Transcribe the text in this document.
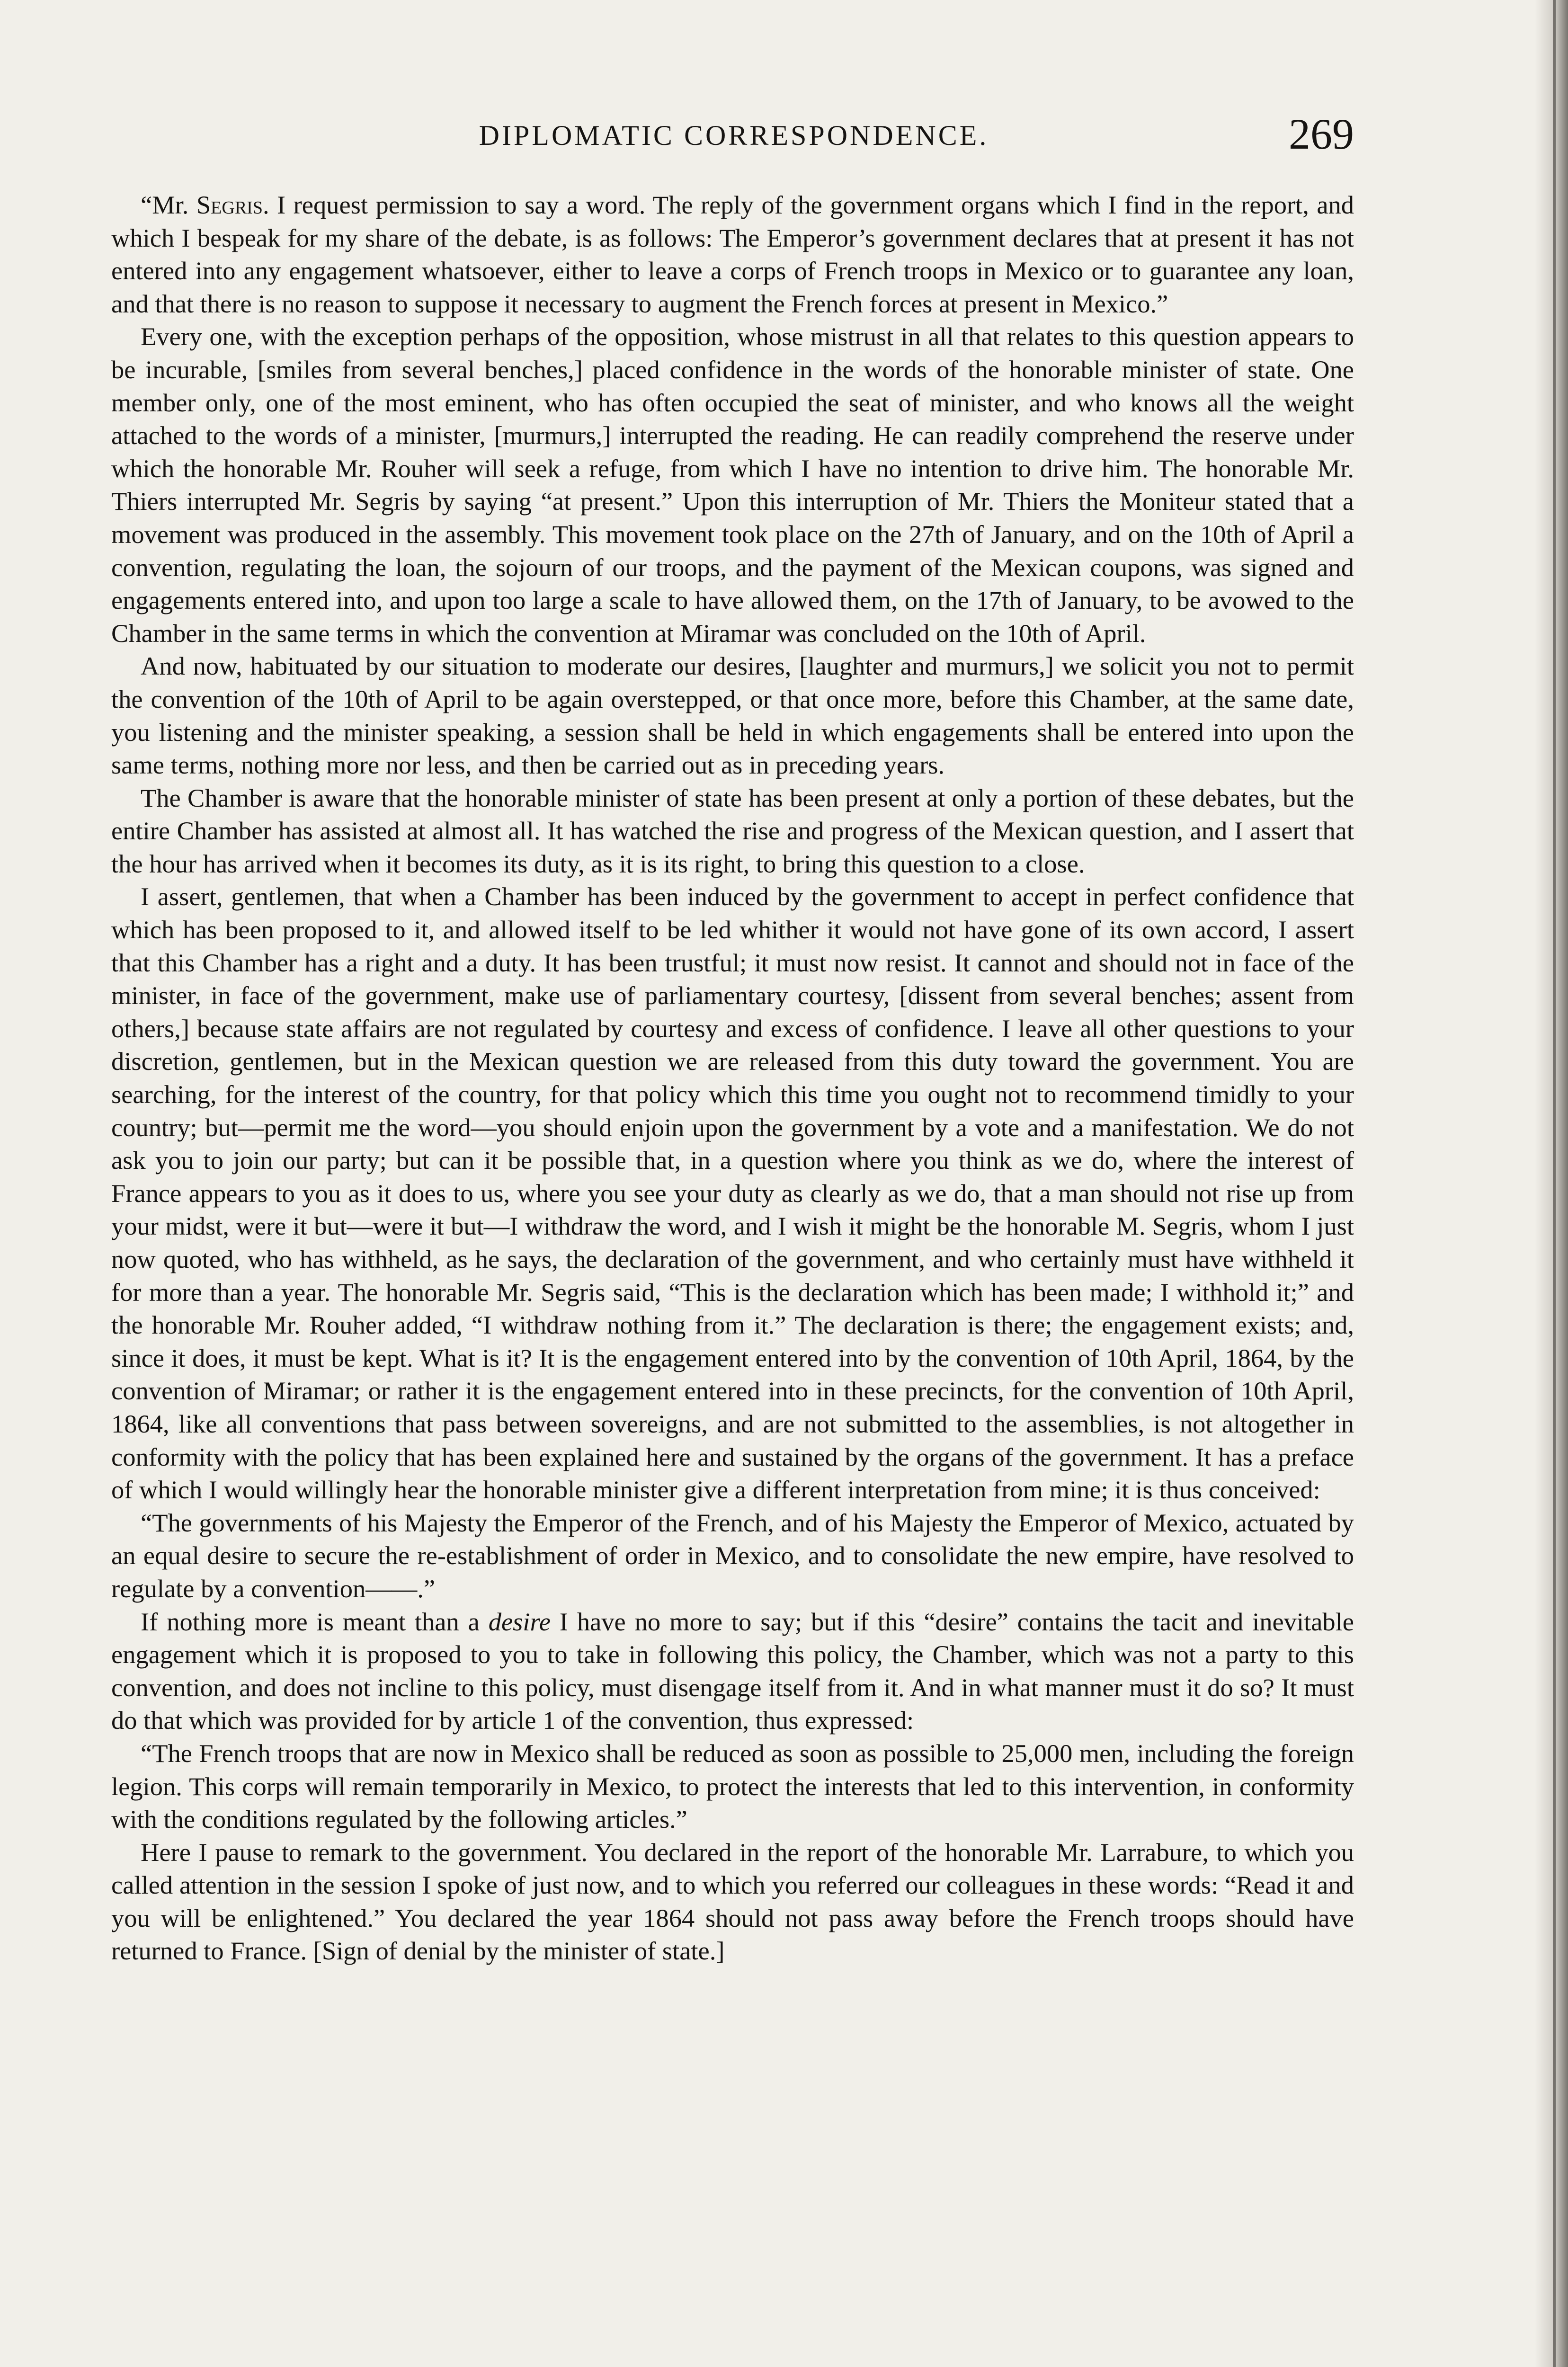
DIPLOMATIC CORRESPONDENCE.	269

“Mr. Segris. I request permission to say a word. The reply of the government organs which I find in the report, and which I bespeak for my share of the debate, is as follows: The Emperor’s government declares that at present it has not entered into any engagement whatsoever, either to leave a corps of French troops in Mexico or to guarantee any loan, and that there is no reason to suppose it necessary to augment the French forces at present in Mexico.”

Every one, with the exception perhaps of the opposition, whose mistrust in all that relates to this question appears to be incurable, [smiles from several benches,] placed confidence in the words of the honorable minister of state. One member only, one of the most eminent, who has often occupied the seat of minister, and who knows all the weight attached to the words of a minister, [murmurs,] interrupted the reading. He can readily comprehend the reserve under which the honorable Mr. Rouher will seek a refuge, from which I have no intention to drive him. The honorable Mr. Thiers interrupted Mr. Segris by saying “at present.” Upon this interruption of Mr. Thiers the Moniteur stated that a movement was produced in the assembly. This movement took place on the 27th of January, and on the 10th of April a convention, regulating the loan, the sojourn of our troops, and the payment of the Mexican coupons, was signed and engagements entered into, and upon too large a scale to have allowed them, on the 17th of January, to be avowed to the Chamber in the same terms in which the convention at Miramar was concluded on the 10th of April.

And now, habituated by our situation to moderate our desires, [laughter and murmurs,] we solicit you not to permit the convention of the 10th of April to be again overstepped, or that once more, before this Chamber, at the same date, you listening and the minister speaking, a session shall be held in which engagements shall be entered into upon the same terms, nothing more nor less, and then be carried out as in preceding years.

The Chamber is aware that the honorable minister of state has been present at only a portion of these debates, but the entire Chamber has assisted at almost all. It has watched the rise and progress of the Mexican question, and I assert that the hour has arrived when it becomes its duty, as it is its right, to bring this question to a close.

I assert, gentlemen, that when a Chamber has been induced by the government to accept in perfect confidence that which has been proposed to it, and allowed itself to be led whither it would not have gone of its own accord, I assert that this Chamber has a right and a duty. It has been trustful; it must now resist. It cannot and should not in face of the minister, in face of the government, make use of parliamentary courtesy, [dissent from several benches; assent from others,] because state affairs are not regulated by courtesy and excess of confidence. I leave all other questions to your discretion, gentlemen, but in the Mexican question we are released from this duty toward the government. You are searching, for the interest of the country, for that policy which this time you ought not to recommend timidly to your country; but—permit me the word—you should enjoin upon the government by a vote and a manifestation. We do not ask you to join our party; but can it be possible that, in a question where you think as we do, where the interest of France appears to you as it does to us, where you see your duty as clearly as we do, that a man should not rise up from your midst, were it but—were it but—I withdraw the word, and I wish it might be the honorable M. Segris, whom I just now quoted, who has withheld, as he says, the declaration of the government, and who certainly must have withheld it for more than a year. The honorable Mr. Segris said, “This is the declaration which has been made; I withhold it;” and the honorable Mr. Rouher added, “I withdraw nothing from it.” The declaration is there; the engagement exists; and, since it does, it must be kept. What is it? It is the engagement entered into by the convention of 10th April, 1864, by the convention of Miramar; or rather it is the engagement entered into in these precincts, for the convention of 10th April, 1864, like all conventions that pass between sovereigns, and are not submitted to the assemblies, is not altogether in conformity with the policy that has been explained here and sustained by the organs of the government. It has a preface of which I would willingly hear the honorable minister give a different interpretation from mine; it is thus conceived:

“The governments of his Majesty the Emperor of the French, and of his Majesty the Emperor of Mexico, actuated by an equal desire to secure the re-establishment of order in Mexico, and to consolidate the new empire, have resolved to regulate by a convention——.”

If nothing more is meant than a desire I have no more to say; but if this “desire” contains the tacit and inevitable engagement which it is proposed to you to take in following this policy, the Chamber, which was not a party to this convention, and does not incline to this policy, must disengage itself from it. And in what manner must it do so? It must do that which was provided for by article 1 of the convention, thus expressed:

“The French troops that are now in Mexico shall be reduced as soon as possible to 25,000 men, including the foreign legion. This corps will remain temporarily in Mexico, to protect the interests that led to this intervention, in conformity with the conditions regulated by the following articles.”

Here I pause to remark to the government. You declared in the report of the honorable Mr. Larrabure, to which you called attention in the session I spoke of just now, and to which you referred our colleagues in these words: “Read it and you will be enlightened.” You declared the year 1864 should not pass away before the French troops should have returned to France. [Sign of denial by the minister of state.]
